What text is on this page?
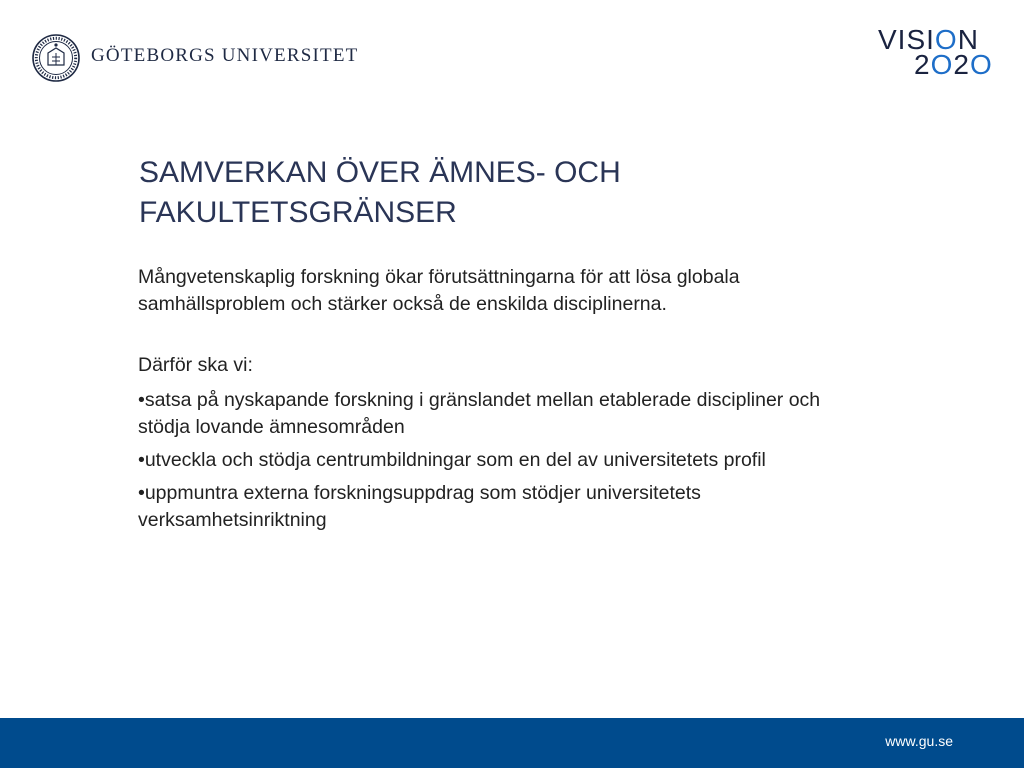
GÖTEBORGS UNIVERSITET
VISION
2O2O
SAMVERKAN ÖVER ÄMNES- OCH FAKULTETSGRÄNSER

Mångvetenskaplig forskning ökar förutsättningarna för att lösa globala samhällsproblem och stärker också de enskilda disciplinerna.

Därför ska vi:

•satsa på nyskapande forskning i gränslandet mellan etablerade discipliner och stödja lovande ämnesområden

•utveckla och stödja centrumbildningar som en del av universitetets profil

•uppmuntra externa forskningsuppdrag som stödjer universitetets verksamhetsinriktning

www.gu.se
